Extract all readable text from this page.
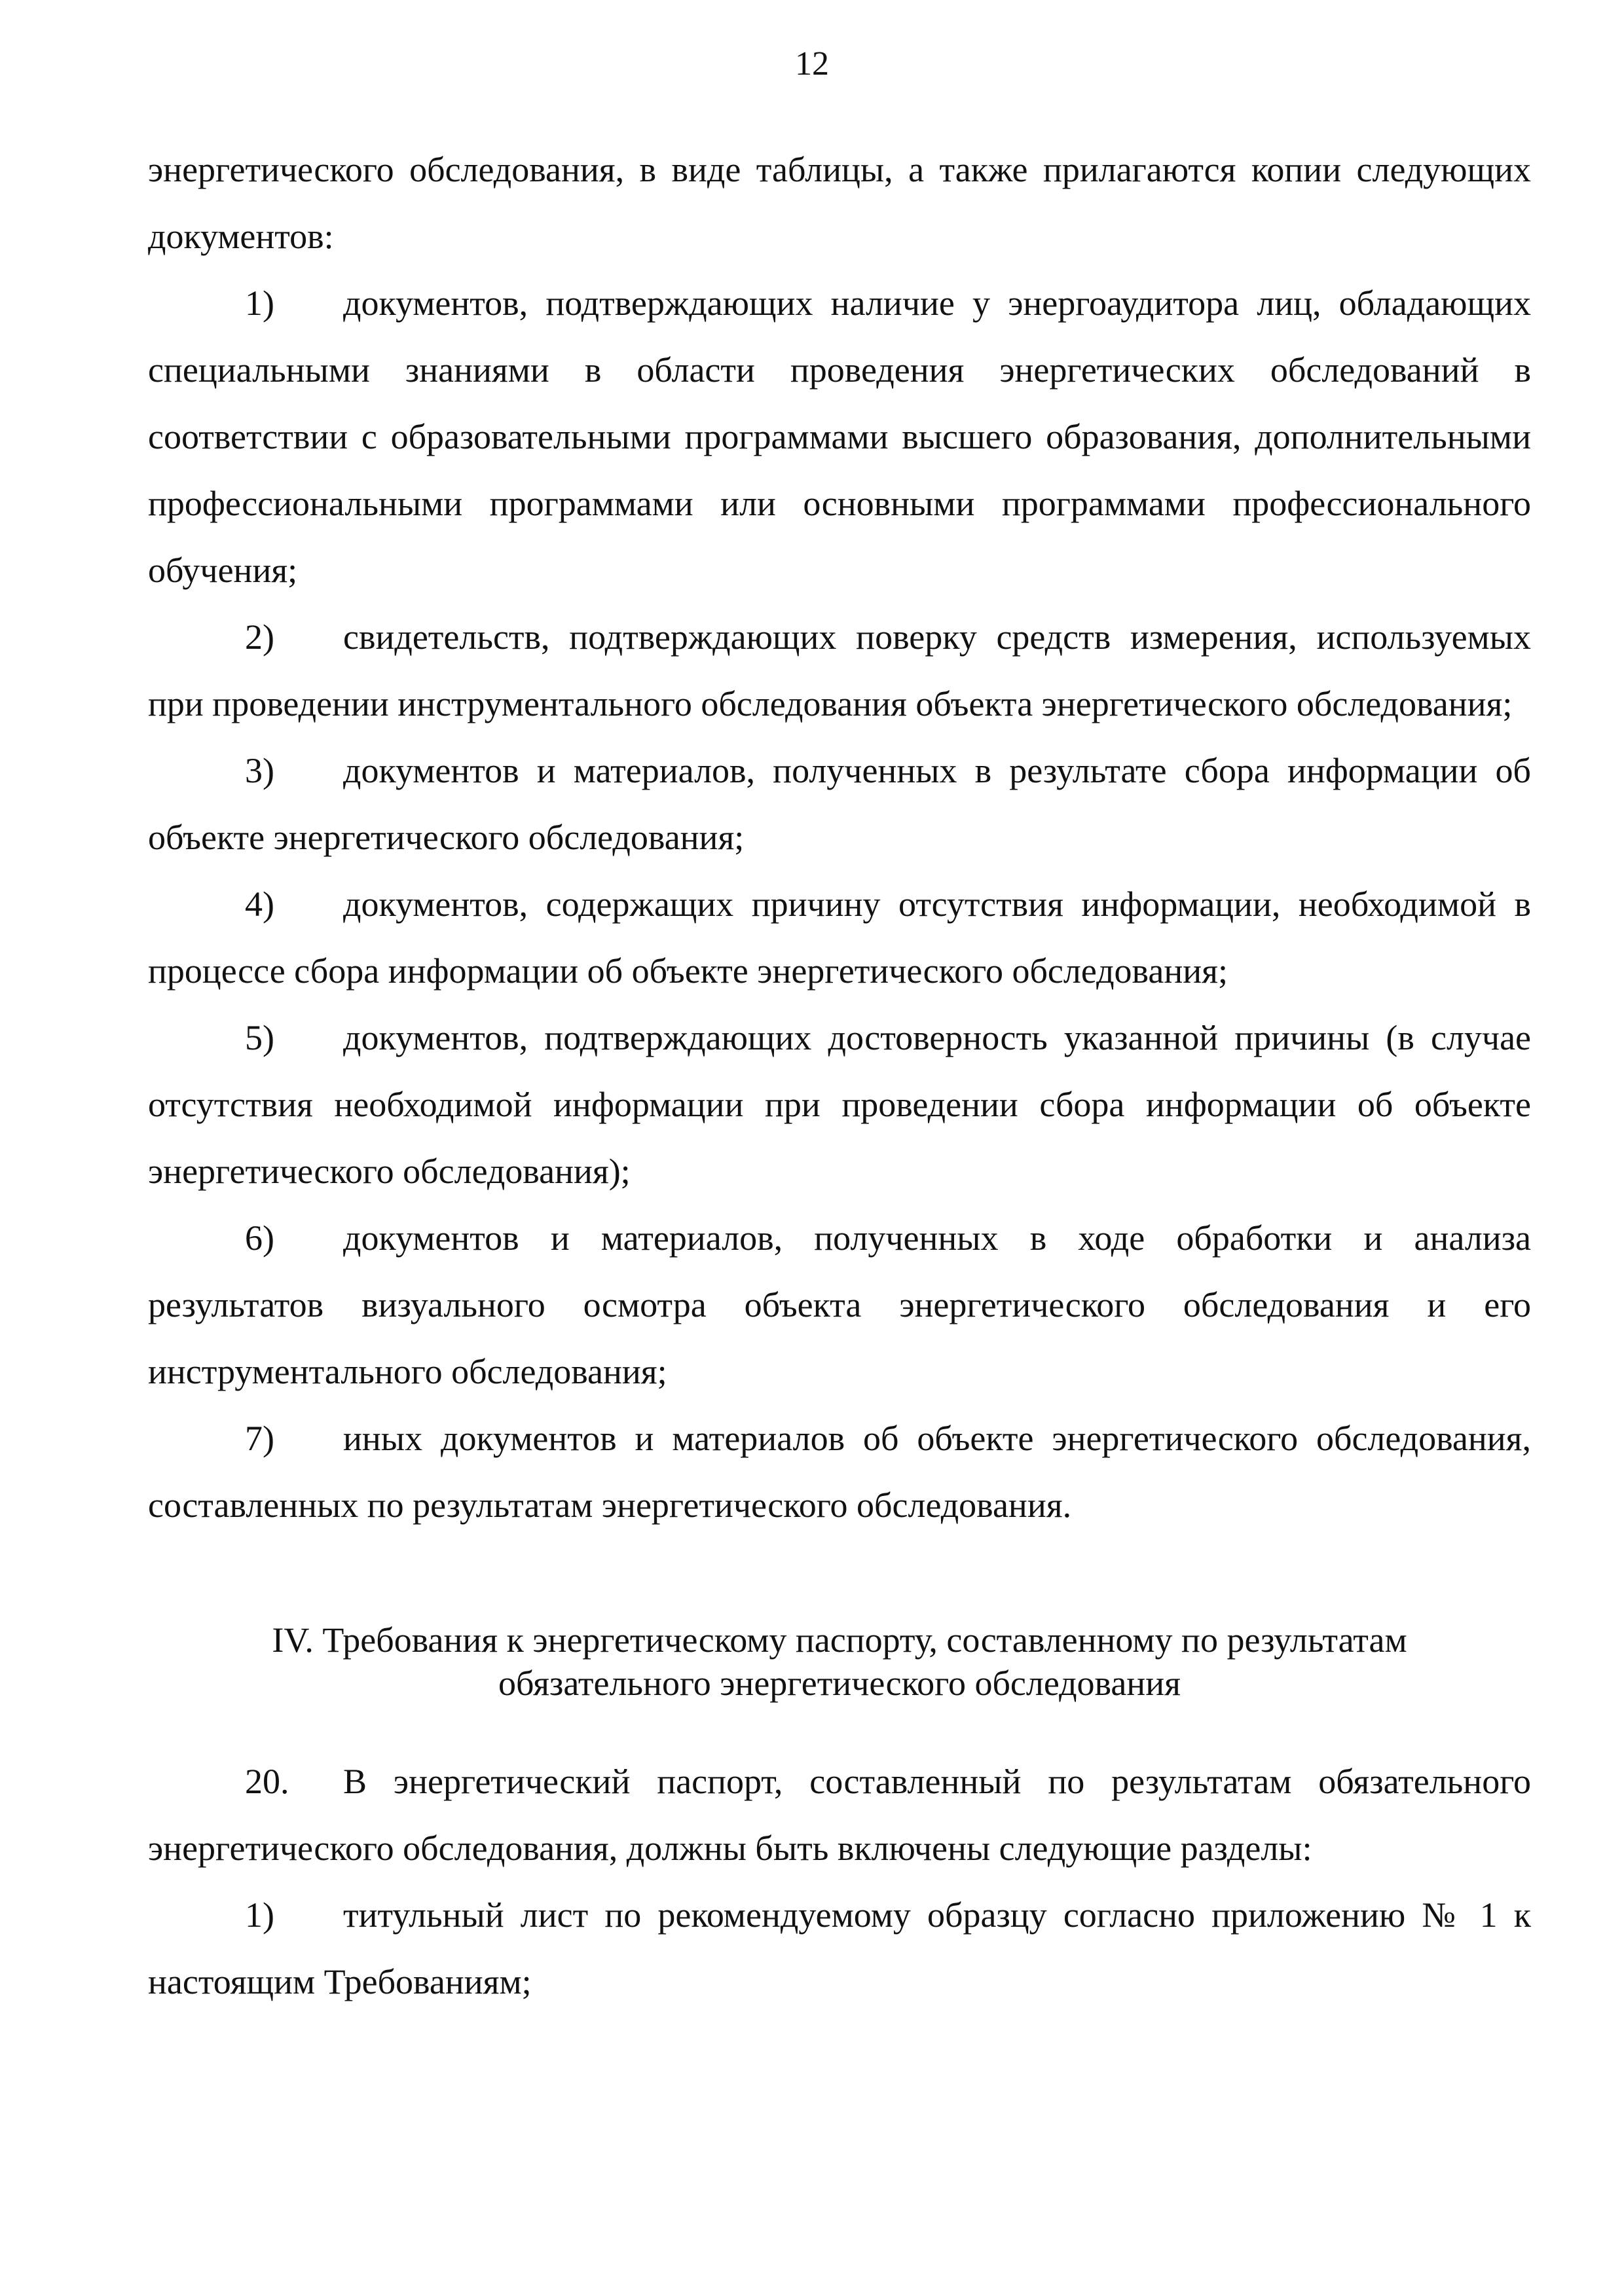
12

энергетического обследования, в виде таблицы, а также прилагаются копии следующих документов:

1) документов, подтверждающих наличие у энергоаудитора лиц, обладающих специальными знаниями в области проведения энергетических обследований в соответствии с образовательными программами высшего образования, дополнительными профессиональными программами или основными программами профессионального обучения;

2) свидетельств, подтверждающих поверку средств измерения, используемых при проведении инструментального обследования объекта энергетического обследования;

3) документов и материалов, полученных в результате сбора информации об объекте энергетического обследования;

4) документов, содержащих причину отсутствия информации, необходимой в процессе сбора информации об объекте энергетического обследования;

5) документов, подтверждающих достоверность указанной причины (в случае отсутствия необходимой информации при проведении сбора информации об объекте энергетического обследования);

6) документов и материалов, полученных в ходе обработки и анализа результатов визуального осмотра объекта энергетического обследования и его инструментального обследования;

7) иных документов и материалов об объекте энергетического обследования, составленных по результатам энергетического обследования.

IV. Требования к энергетическому паспорту, составленному по результатам обязательного энергетического обследования

20. В энергетический паспорт, составленный по результатам обязательного энергетического обследования, должны быть включены следующие разделы:

1) титульный лист по рекомендуемому образцу согласно приложению № 1 к настоящим Требованиям;
